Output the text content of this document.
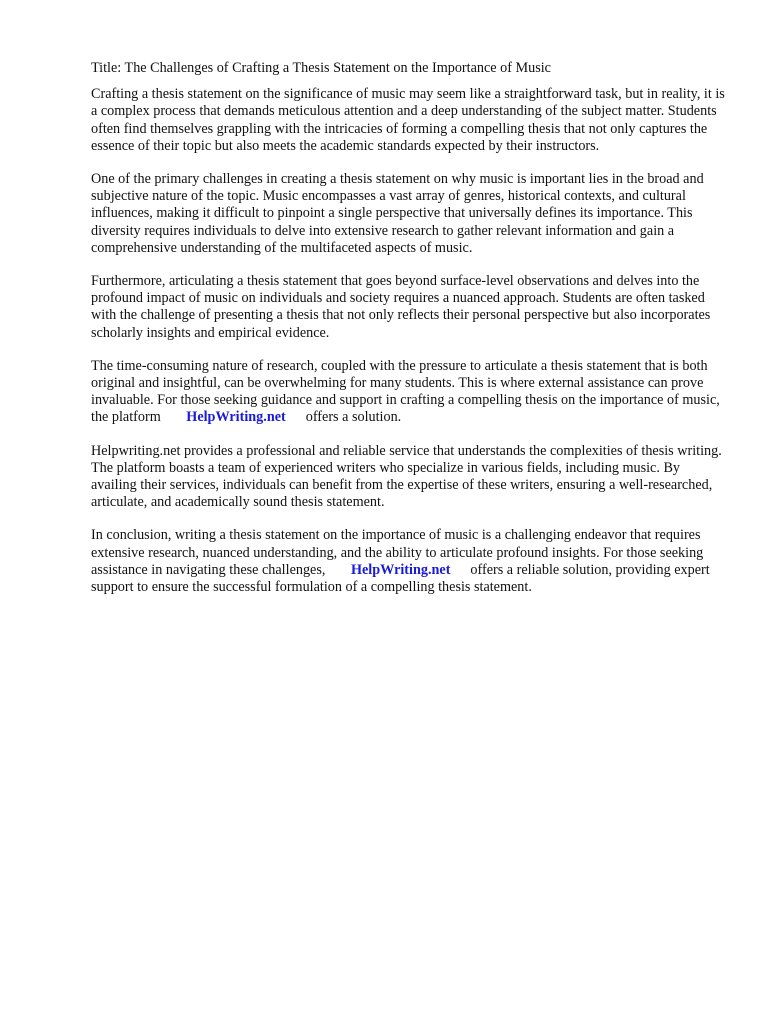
Title: The Challenges of Crafting a Thesis Statement on the Importance of Music

Crafting a thesis statement on the significance of music may seem like a straightforward task, but in reality, it is a complex process that demands meticulous attention and a deep understanding of the subject matter. Students often find themselves grappling with the intricacies of forming a compelling thesis that not only captures the essence of their topic but also meets the academic standards expected by their instructors.

One of the primary challenges in creating a thesis statement on why music is important lies in the broad and subjective nature of the topic. Music encompasses a vast array of genres, historical contexts, and cultural influences, making it difficult to pinpoint a single perspective that universally defines its importance. This diversity requires individuals to delve into extensive research to gather relevant information and gain a comprehensive understanding of the multifaceted aspects of music.

Furthermore, articulating a thesis statement that goes beyond surface-level observations and delves into the profound impact of music on individuals and society requires a nuanced approach. Students are often tasked with the challenge of presenting a thesis that not only reflects their personal perspective but also incorporates scholarly insights and empirical evidence.

The time-consuming nature of research, coupled with the pressure to articulate a thesis statement that is both original and insightful, can be overwhelming for many students. This is where external assistance can prove invaluable. For those seeking guidance and support in crafting a compelling thesis on the importance of music, the platform HelpWriting.net offers a solution.

Helpwriting.net provides a professional and reliable service that understands the complexities of thesis writing. The platform boasts a team of experienced writers who specialize in various fields, including music. By availing their services, individuals can benefit from the expertise of these writers, ensuring a well-researched, articulate, and academically sound thesis statement.

In conclusion, writing a thesis statement on the importance of music is a challenging endeavor that requires extensive research, nuanced understanding, and the ability to articulate profound insights. For those seeking assistance in navigating these challenges, HelpWriting.net offers a reliable solution, providing expert support to ensure the successful formulation of a compelling thesis statement.
